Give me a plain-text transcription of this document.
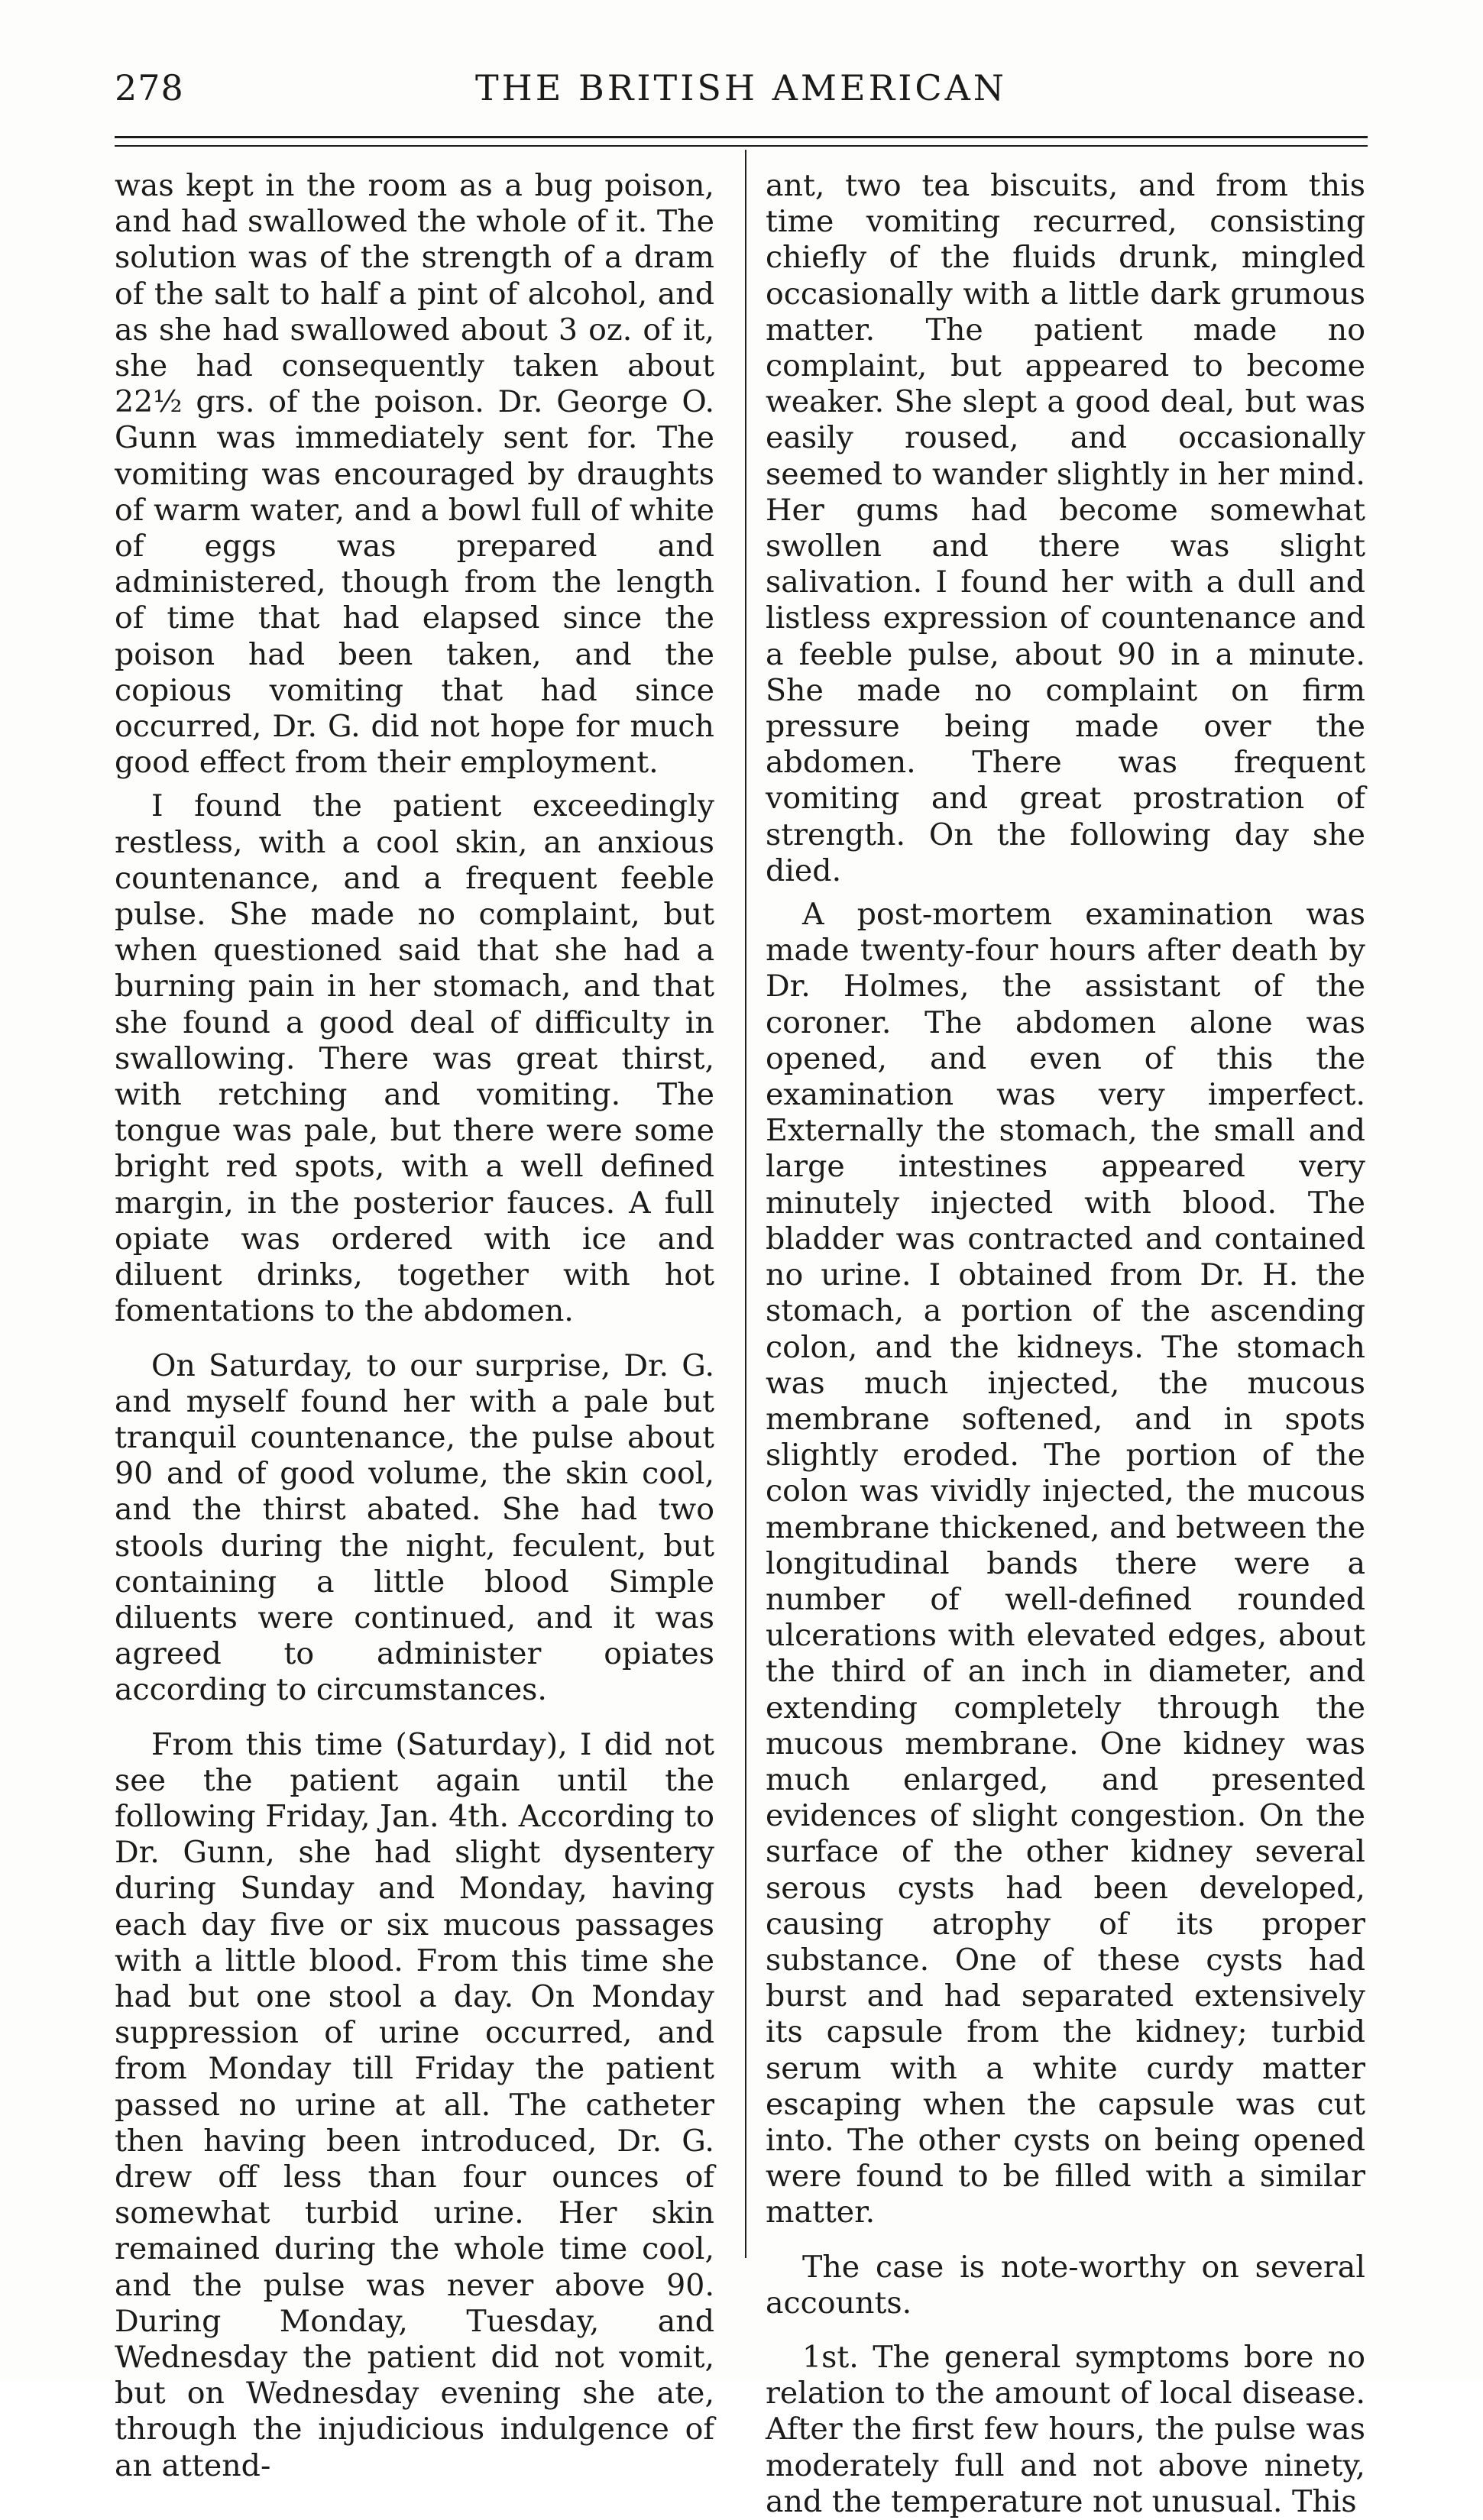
278	THE BRITISH AMERICAN

was kept in the room as a bug poison, and had swallowed the whole of it. The solution was of the strength of a dram of the salt to half a pint of alcohol, and as she had swallowed about 3 oz. of it, she had consequently taken about 22½ grs. of the poison. Dr. George O. Gunn was immediately sent for. The vomiting was encouraged by draughts of warm water, and a bowl full of white of eggs was prepared and administered, though from the length of time that had elapsed since the poison had been taken, and the copious vomiting that had since occurred, Dr. G. did not hope for much good effect from their employment.

I found the patient exceedingly restless, with a cool skin, an anxious countenance, and a frequent feeble pulse. She made no complaint, but when questioned said that she had a burning pain in her stomach, and that she found a good deal of difficulty in swallowing. There was great thirst, with retching and vomiting. The tongue was pale, but there were some bright red spots, with a well defined margin, in the posterior fauces. A full opiate was ordered with ice and diluent drinks, together with hot fomentations to the abdomen.

On Saturday, to our surprise, Dr. G. and myself found her with a pale but tranquil countenance, the pulse about 90 and of good volume, the skin cool, and the thirst abated. She had two stools during the night, feculent, but containing a little blood Simple diluents were continued, and it was agreed to administer opiates according to circumstances.

From this time (Saturday), I did not see the patient again until the following Friday, Jan. 4th. According to Dr. Gunn, she had slight dysentery during Sunday and Monday, having each day five or six mucous passages with a little blood. From this time she had but one stool a day. On Monday suppression of urine occurred, and from Monday till Friday the patient passed no urine at all. The catheter then having been introduced, Dr. G. drew off less than four ounces of somewhat turbid urine. Her skin remained during the whole time cool, and the pulse was never above 90. During Monday, Tuesday, and Wednesday the patient did not vomit, but on Wednesday evening she ate, through the injudicious indulgence of an attend-

ant, two tea biscuits, and from this time vomiting recurred, consisting chiefly of the fluids drunk, mingled occasionally with a little dark grumous matter. The patient made no complaint, but appeared to become weaker. She slept a good deal, but was easily roused, and occasionally seemed to wander slightly in her mind. Her gums had become somewhat swollen and there was slight salivation. I found her with a dull and listless expression of countenance and a feeble pulse, about 90 in a minute. She made no complaint on firm pressure being made over the abdomen. There was frequent vomiting and great prostration of strength. On the following day she died.

A post-mortem examination was made twenty-four hours after death by Dr. Holmes, the assistant of the coroner. The abdomen alone was opened, and even of this the examination was very imperfect. Externally the stomach, the small and large intestines appeared very minutely injected with blood. The bladder was contracted and contained no urine. I obtained from Dr. H. the stomach, a portion of the ascending colon, and the kidneys. The stomach was much injected, the mucous membrane softened, and in spots slightly eroded. The portion of the colon was vividly injected, the mucous membrane thickened, and between the longitudinal bands there were a number of well-defined rounded ulcerations with elevated edges, about the third of an inch in diameter, and extending completely through the mucous membrane. One kidney was much enlarged, and presented evidences of slight congestion. On the surface of the other kidney several serous cysts had been developed, causing atrophy of its proper substance. One of these cysts had burst and had separated extensively its capsule from the kidney; turbid serum with a white curdy matter escaping when the capsule was cut into. The other cysts on being opened were found to be filled with a similar matter.

The case is note-worthy on several accounts.

1st. The general symptoms bore no relation to the amount of local disease. After the first few hours, the pulse was moderately full and not above ninety, and the temperature not unusual. This
